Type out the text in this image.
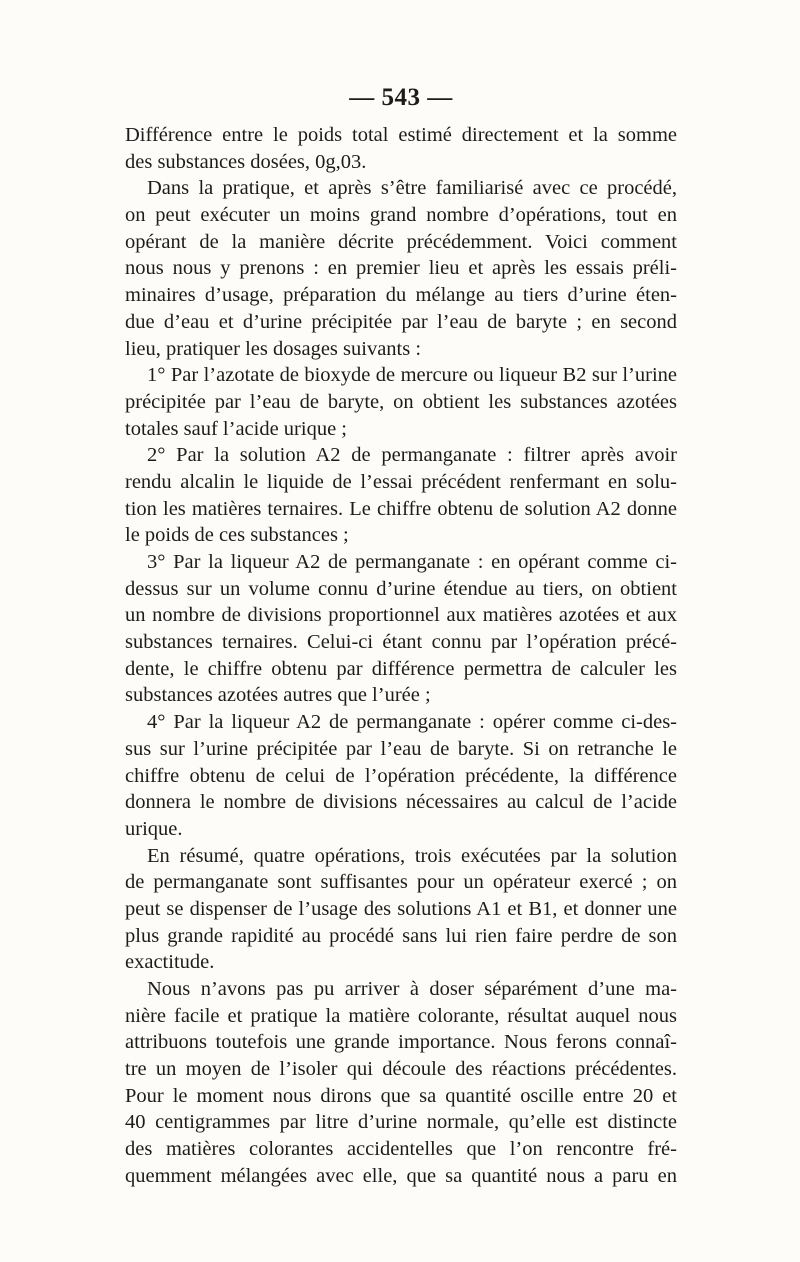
— 543 —
Différence entre le poids total estimé directement et la somme
des substances dosées, 0g,03.
Dans la pratique, et après s’être familiarisé avec ce procédé,
on peut exécuter un moins grand nombre d’opérations, tout en
opérant de la manière décrite précédemment. Voici comment
nous nous y prenons : en premier lieu et après les essais préli-
minaires d’usage, préparation du mélange au tiers d’urine éten-
due d’eau et d’urine précipitée par l’eau de baryte ; en second
lieu, pratiquer les dosages suivants :
1° Par l’azotate de bioxyde de mercure ou liqueur B2 sur l’urine
précipitée par l’eau de baryte, on obtient les substances azotées
totales sauf l’acide urique ;
2° Par la solution A2 de permanganate : filtrer après avoir
rendu alcalin le liquide de l’essai précédent renfermant en solu-
tion les matières ternaires. Le chiffre obtenu de solution A2 donne
le poids de ces substances ;
3° Par la liqueur A2 de permanganate : en opérant comme ci-
dessus sur un volume connu d’urine étendue au tiers, on obtient
un nombre de divisions proportionnel aux matières azotées et aux
substances ternaires. Celui-ci étant connu par l’opération précé-
dente, le chiffre obtenu par différence permettra de calculer les
substances azotées autres que l’urée ;
4° Par la liqueur A2 de permanganate : opérer comme ci-des-
sus sur l’urine précipitée par l’eau de baryte. Si on retranche le
chiffre obtenu de celui de l’opération précédente, la différence
donnera le nombre de divisions nécessaires au calcul de l’acide
urique.
En résumé, quatre opérations, trois exécutées par la solution
de permanganate sont suffisantes pour un opérateur exercé ; on
peut se dispenser de l’usage des solutions A1 et B1, et donner une
plus grande rapidité au procédé sans lui rien faire perdre de son
exactitude.
Nous n’avons pas pu arriver à doser séparément d’une ma-
nière facile et pratique la matière colorante, résultat auquel nous
attribuons toutefois une grande importance. Nous ferons connaî-
tre un moyen de l’isoler qui découle des réactions précédentes.
Pour le moment nous dirons que sa quantité oscille entre 20 et
40 centigrammes par litre d’urine normale, qu’elle est distincte
des matières colorantes accidentelles que l’on rencontre fré-
quemment mélangées avec elle, que sa quantité nous a paru en
